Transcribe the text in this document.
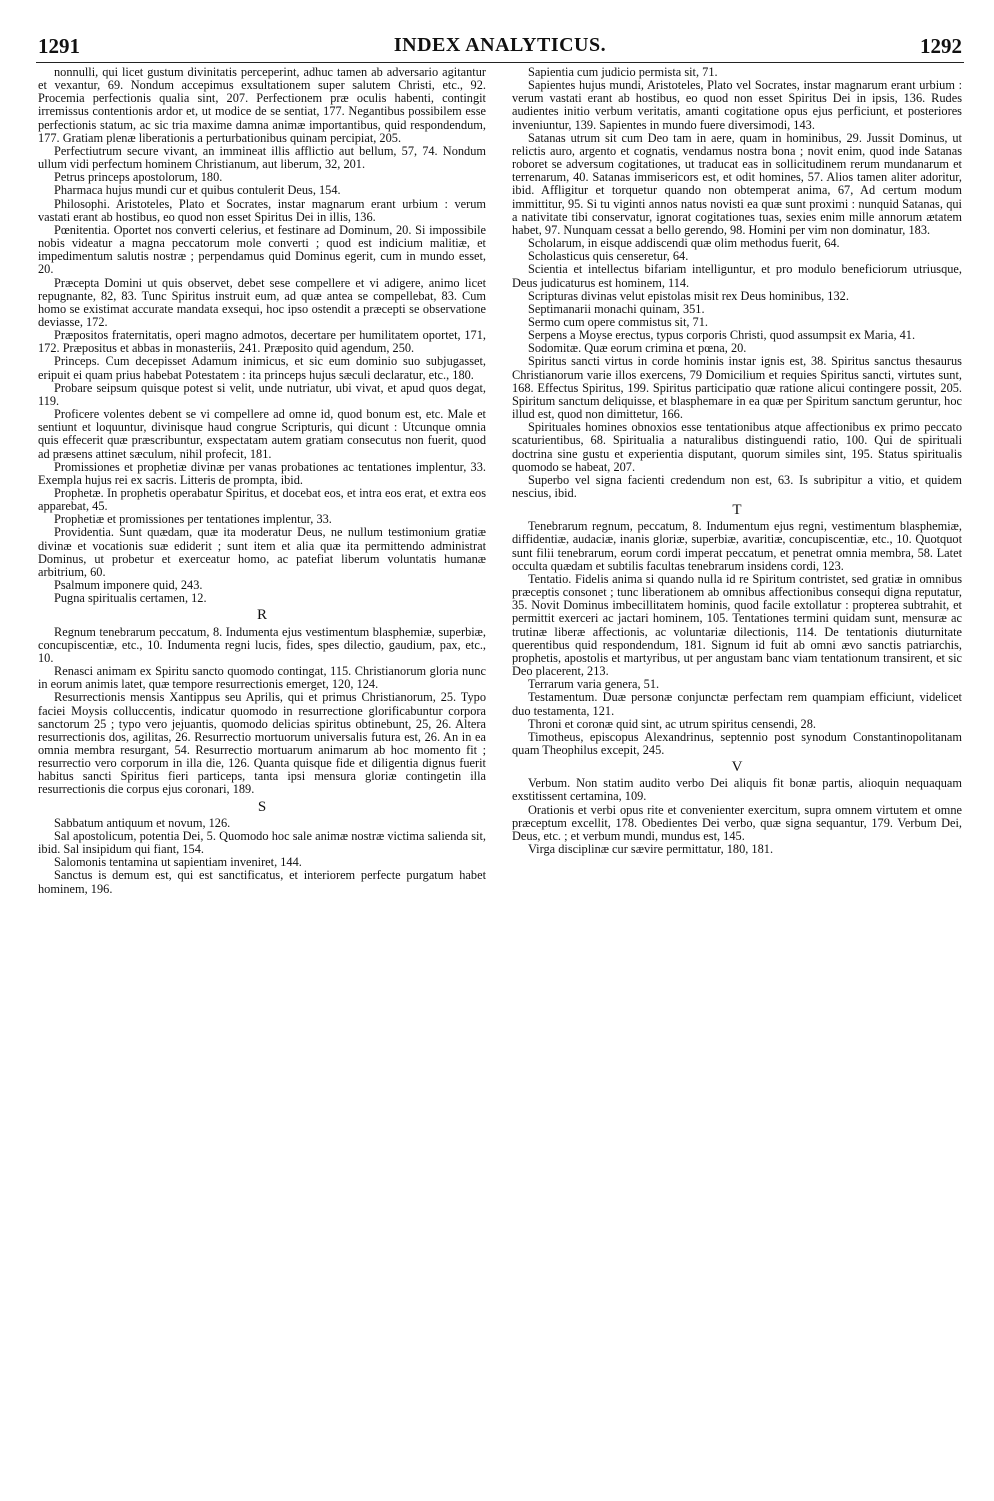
1291	INDEX ANALYTICUS.	1292

nonnulli, qui licet gustum divinitatis perceperint, adhuc tamen ab adversario agitantur et vexantur, 69. Nondum accepimus exsultationem super salutem Christi, etc., 92. Procemia perfectionis qualia sint, 207. Perfectionem præ oculis habenti, contingit irremissus contentionis ardor et, ut modice de se sentiat, 177. Negantibus possibilem esse perfectionis statum, ac sic tria maxime damna animæ importantibus, quid respondendum, 177. Gratiam plenæ liberationis a perturbationibus quinam percipiat, 205.

Perfectiutrum secure vivant, an immineat illis afflictio aut bellum, 57, 74. Nondum ullum vidi perfectum hominem Christianum, aut liberum, 32, 201.

Petrus princeps apostolorum, 180.

Pharmaca hujus mundi cur et quibus contulerit Deus, 154.

Philosophi. Aristoteles, Plato et Socrates, instar magnarum erant urbium : verum vastati erant ab hostibus, eo quod non esset Spiritus Dei in illis, 136.

Pœnitentia. Oportet nos converti celerius, et festinare ad Dominum, 20. Si impossibile nobis videatur a magna peccatorum mole converti ; quod est indicium malitiæ, et impedimentum salutis nostræ ; perpendamus quid Dominus egerit, cum in mundo esset, 20.

Præcepta Domini ut quis observet, debet sese compellere et vi adigere, animo licet repugnante, 82, 83. Tunc Spiritus instruit eum, ad quæ antea se compellebat, 83. Cum homo se existimat accurate mandata exsequi, hoc ipso ostendit a præcepti se observatione deviasse, 172.

Præpositos fraternitatis, operi magno admotos, decertare per humilitatem oportet, 171, 172. Præpositus et abbas in monasteriis, 241. Præposito quid agendum, 250.

Princeps. Cum decepisset Adamum inimicus, et sic eum dominio suo subjugasset, eripuit ei quam prius habebat Potestatem : ita princeps hujus sæculi declaratur, etc., 180.

Probare seipsum quisque potest si velit, unde nutriatur, ubi vivat, et apud quos degat, 119.

Proficere volentes debent se vi compellere ad omne id, quod bonum est, etc. Male et sentiunt et loquuntur, divinisque haud congrue Scripturis, qui dicunt : Utcunque omnia quis effecerit quæ præscribuntur, exspectatam autem gratiam consecutus non fuerit, quod ad præsens attinet sæculum, nihil profecit, 181.

Promissiones et prophetiæ divinæ per vanas probationes ac tentationes implentur, 33. Exempla hujus rei ex sacris. Litteris de prompta, ibid.

Prophetæ. In prophetis operabatur Spiritus, et docebat eos, et intra eos erat, et extra eos apparebat, 45.

Prophetiæ et promissiones per tentationes implentur, 33.

Providentia. Sunt quædam, quæ ita moderatur Deus, ne nullum testimonium gratiæ divinæ et vocationis suæ ediderit ; sunt item et alia quæ ita permittendo administrat Dominus, ut probetur et exerceatur homo, ac patefiat liberum voluntatis humanæ arbitrium, 60.

Psalmum imponere quid, 243.

Pugna spiritualis certamen, 12.

R

Regnum tenebrarum peccatum, 8. Indumenta ejus vestimentum blasphemiæ, superbiæ, concupiscentiæ, etc., 10. Indumenta regni lucis, fides, spes dilectio, gaudium, pax, etc., 10.

Renasci animam ex Spiritu sancto quomodo contingat, 115. Christianorum gloria nunc in eorum animis latet, quæ tempore resurrectionis emerget, 120, 124.

Resurrectionis mensis Xantippus seu Aprilis, qui et primus Christianorum, 25. Typo faciei Moysis colluccentis, indicatur quomodo in resurrectione glorificabuntur corpora sanctorum 25 ; typo vero jejuantis, quomodo delicias spiritus obtinebunt, 25, 26. Altera resurrectionis dos, agilitas, 26. Resurrectio mortuorum universalis futura est, 26. An in ea omnia membra resurgant, 54. Resurrectio mortuarum animarum ab hoc momento fit ; resurrectio vero corporum in illa die, 126. Quanta quisque fide et diligentia dignus fuerit habitus sancti Spiritus fieri particeps, tanta ipsi mensura gloriæ contingetin illa resurrectionis die corpus ejus coronari, 189.

S

Sabbatum antiquum et novum, 126.

Sal apostolicum, potentia Dei, 5. Quomodo hoc sale animæ nostræ victima salienda sit, ibid. Sal insipidum qui fiant, 154.

Salomonis tentamina ut sapientiam inveniret, 144.

Sanctus is demum est, qui est sanctificatus, et interiorem perfecte purgatum habet hominem, 196.

Sapientia cum judicio permista sit, 71.

Sapientes hujus mundi, Aristoteles, Plato vel Socrates, instar magnarum erant urbium : verum vastati erant ab hostibus, eo quod non esset Spiritus Dei in ipsis, 136. Rudes audientes initio verbum veritatis, amanti cogitatione opus ejus perficiunt, et posteriores inveniuntur, 139. Sapientes in mundo fuere diversimodi, 143.

Satanas utrum sit cum Deo tam in aere, quam in hominibus, 29. Jussit Dominus, ut relictis auro, argento et cognatis, vendamus nostra bona ; novit enim, quod inde Satanas roboret se adversum cogitationes, ut traducat eas in sollicitudinem rerum mundanarum et terrenarum, 40. Satanas immisericors est, et odit homines, 57. Alios tamen aliter adoritur, ibid. Affligitur et torquetur quando non obtemperat anima, 67, Ad certum modum immittitur, 95. Si tu viginti annos natus novisti ea quæ sunt proximi : nunquid Satanas, qui a nativitate tibi conservatur, ignorat cogitationes tuas, sexies enim mille annorum ætatem habet, 97. Nunquam cessat a bello gerendo, 98. Homini per vim non dominatur, 183.

Scholarum, in eisque addiscendi quæ olim methodus fuerit, 64.

Scholasticus quis censeretur, 64.

Scientia et intellectus bifariam intelliguntur, et pro modulo beneficiorum utriusque, Deus judicaturus est hominem, 114.

Scripturas divinas velut epistolas misit rex Deus hominibus, 132.

Septimanarii monachi quinam, 351.

Sermo cum opere commistus sit, 71.

Serpens a Moyse erectus, typus corporis Christi, quod assumpsit ex Maria, 41.

Sodomitæ. Quæ eorum crimina et pœna, 20.

Spiritus sancti virtus in corde hominis instar ignis est, 38. Spiritus sanctus thesaurus Christianorum varie illos exercens, 79 Domicilium et requies Spiritus sancti, virtutes sunt, 168. Effectus Spiritus, 199. Spiritus participatio quæ ratione alicui contingere possit, 205. Spiritum sanctum deliquisse, et blasphemare in ea quæ per Spiritum sanctum geruntur, hoc illud est, quod non dimittetur, 166.

Spirituales homines obnoxios esse tentationibus atque affectionibus ex primo peccato scaturientibus, 68. Spiritualia a naturalibus distinguendi ratio, 100. Qui de spirituali doctrina sine gustu et experientia disputant, quorum similes sint, 195. Status spiritualis quomodo se habeat, 207.

Superbo vel signa facienti credendum non est, 63. Is subripitur a vitio, et quidem nescius, ibid.

T

Tenebrarum regnum, peccatum, 8. Indumentum ejus regni, vestimentum blasphemiæ, diffidentiæ, audaciæ, inanis gloriæ, superbiæ, avaritiæ, concupiscentiæ, etc., 10. Quotquot sunt filii tenebrarum, eorum cordi imperat peccatum, et penetrat omnia membra, 58. Latet occulta quædam et subtilis facultas tenebrarum insidens cordi, 123.

Tentatio. Fidelis anima si quando nulla id re Spiritum contristet, sed gratiæ in omnibus præceptis consonet ; tunc liberationem ab omnibus affectionibus consequi digna reputatur, 35. Novit Dominus imbecillitatem hominis, quod facile extollatur : propterea subtrahit, et permittit exerceri ac jactari hominem, 105. Tentationes termini quidam sunt, mensuræ ac trutinæ liberæ affectionis, ac voluntariæ dilectionis, 114. De tentationis diuturnitate querentibus quid respondendum, 181. Signum id fuit ab omni ævo sanctis patriarchis, prophetis, apostolis et martyribus, ut per angustam banc viam tentationum transirent, et sic Deo placerent, 213.

Terrarum varia genera, 51.

Testamentum. Duæ personæ conjunctæ perfectam rem quampiam efficiunt, videlicet duo testamenta, 121.

Throni et coronæ quid sint, ac utrum spiritus censendi, 28.

Timotheus, episcopus Alexandrinus, septennio post synodum Constantinopolitanam quam Theophilus excepit, 245.

V

Verbum. Non statim audito verbo Dei aliquis fit bonæ partis, alioquin nequaquam exstitissent certamina, 109.

Orationis et verbi opus rite et convenienter exercitum, supra omnem virtutem et omne præceptum excellit, 178. Obedientes Dei verbo, quæ signa sequantur, 179. Verbum Dei, Deus, etc. ; et verbum mundi, mundus est, 145.

Virga disciplinæ cur sævire permittatur, 180, 181.
